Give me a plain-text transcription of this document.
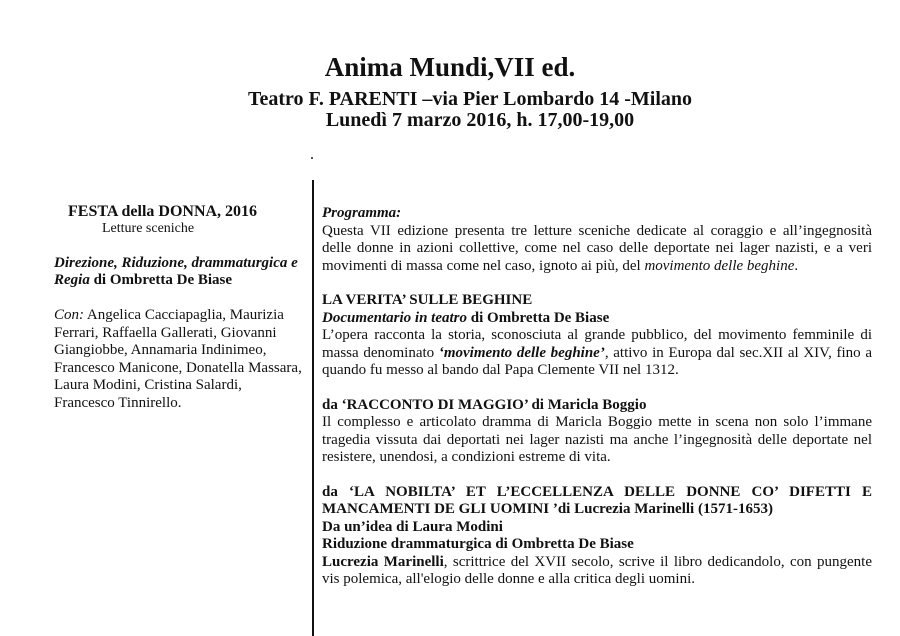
Anima Mundi,VII ed.
Teatro F. PARENTI –via Pier Lombardo 14 -Milano
Lunedì 7 marzo 2016, h. 17,00-19,00
FESTA della DONNA, 2016
Letture sceniche
Direzione, Riduzione, drammaturgica e Regia di Ombretta De Biase
Con: Angelica Cacciapaglia, Maurizia Ferrari, Raffaella Gallerati, Giovanni Giangiobbe, Annamaria Indinimeo, Francesco Manicone, Donatella Massara, Laura Modini, Cristina Salardi, Francesco Tinnirello.

Programma:

Questa VII edizione presenta tre letture sceniche dedicate al coraggio e all’ingegnosità delle donne in azioni collettive, come nel caso delle deportate nei lager nazisti, e a veri movimenti di massa come nel caso, ignoto ai più, del movimento delle beghine.

LA VERITA’ SULLE BEGHINE

Documentario in teatro di Ombretta De Biase

L’opera racconta la storia, sconosciuta al grande pubblico, del movimento femminile di massa denominato ‘movimento delle beghine’, attivo in Europa dal sec.XII al XIV, fino a quando fu messo al bando dal Papa Clemente VII nel 1312.

da ‘RACCONTO DI MAGGIO’ di Maricla Boggio

Il complesso e articolato dramma di Maricla Boggio mette in scena non solo l’immane tragedia vissuta dai deportati nei lager nazisti ma anche l’ingegnosità delle deportate nel resistere, unendosi, a condizioni estreme di vita.

da ‘LA NOBILTA’ ET L’ECCELLENZA DELLE DONNE CO’ DIFETTI E MANCAMENTI DE GLI UOMINI ’di Lucrezia Marinelli (1571-1653)

Da un’idea di Laura Modini

Riduzione drammaturgica di Ombretta De Biase

Lucrezia Marinelli, scrittrice del XVII secolo, scrive il libro dedicandolo, con pungente vis polemica, all'elogio delle donne e alla critica degli uomini.
